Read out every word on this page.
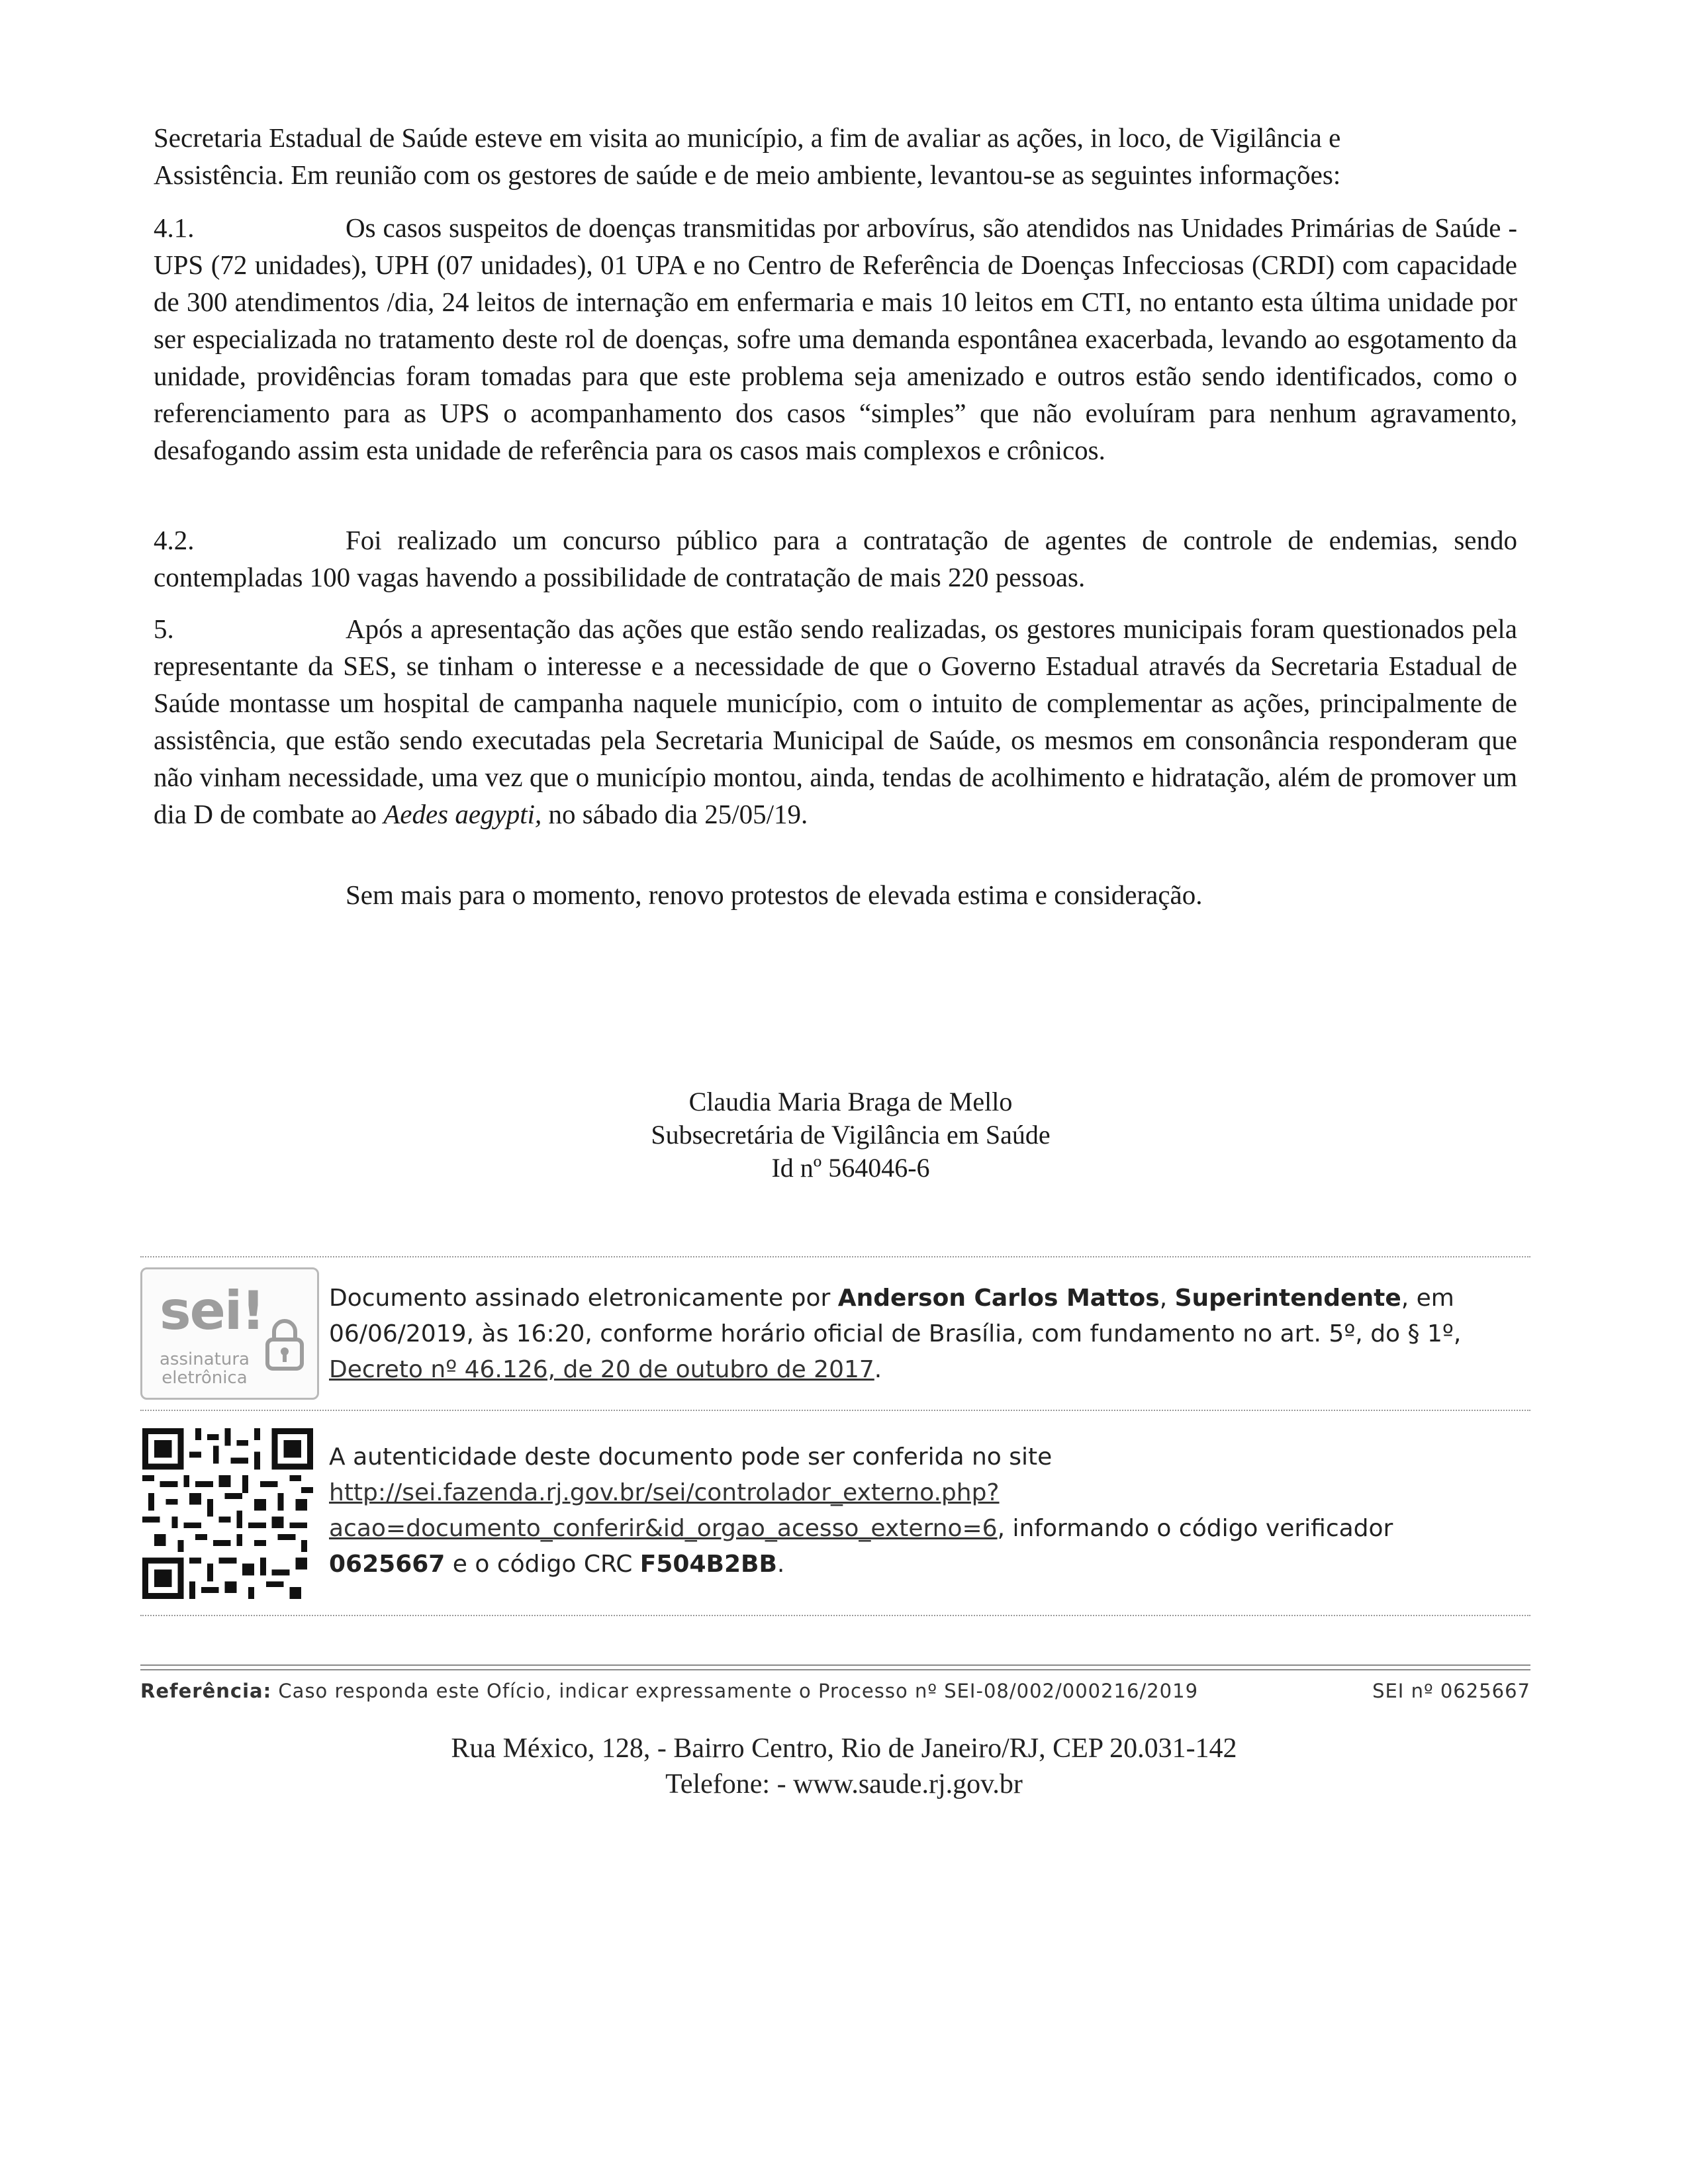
Secretaria Estadual de Saúde esteve em visita ao município, a fim de avaliar as ações, in loco, de Vigilância e

Assistência. Em reunião com os gestores de saúde e de meio ambiente, levantou-se as seguintes informações:

4.1.	Os casos suspeitos de doenças transmitidas por arbovírus, são atendidos nas Unidades Primárias de Saúde - UPS (72 unidades), UPH (07 unidades), 01 UPA e no Centro de Referência de Doenças Infecciosas (CRDI) com capacidade de 300 atendimentos /dia, 24 leitos de internação em enfermaria e mais 10 leitos em CTI, no entanto esta última unidade por ser especializada no tratamento deste rol de doenças, sofre uma demanda espontânea exacerbada, levando ao esgotamento da unidade, providências foram tomadas para que este problema seja amenizado e outros estão sendo identificados, como o referenciamento para as UPS o acompanhamento dos casos “simples” que não evoluíram para nenhum agravamento, desafogando assim esta unidade de referência para os casos mais complexos e crônicos.

4.2.	Foi realizado um concurso público para a contratação de agentes de controle de endemias, sendo contempladas 100 vagas havendo a possibilidade de contratação de mais 220 pessoas.

5.	Após a apresentação das ações que estão sendo realizadas, os gestores municipais foram questionados pela representante da SES, se tinham o interesse e a necessidade de que o Governo Estadual através da Secretaria Estadual de Saúde montasse um hospital de campanha naquele município, com o intuito de complementar as ações, principalmente de assistência, que estão sendo executadas pela Secretaria Municipal de Saúde, os mesmos em consonância responderam que não vinham necessidade, uma vez que o município montou, ainda, tendas de acolhimento e hidratação, além de promover um dia D de combate ao Aedes aegypti, no sábado dia 25/05/19.

Sem mais para o momento, renovo protestos de elevada estima e consideração.
Claudia Maria Braga de Mello
Subsecretária de Vigilância em Saúde
Id nº 564046-6
sei!
assinatura
eletrônica
Documento assinado eletronicamente por Anderson Carlos Mattos, Superintendente, em 06/06/2019, às 16:20, conforme horário oficial de Brasília, com fundamento no art. 5º, do § 1º,
Decreto nº 46.126, de 20 de outubro de 2017.
A autenticidade deste documento pode ser conferida no site
http://sei.fazenda.rj.gov.br/sei/controlador_externo.php?
acao=documento_conferir&id_orgao_acesso_externo=6, informando o código verificador
0625667 e o código CRC F504B2BB.
Referência: Caso responda este Ofício, indicar expressamente o Processo nº SEI-08/002/000216/2019	SEI nº 0625667
Rua México, 128, - Bairro Centro, Rio de Janeiro/RJ, CEP 20.031-142
Telefone: - www.saude.rj.gov.br
